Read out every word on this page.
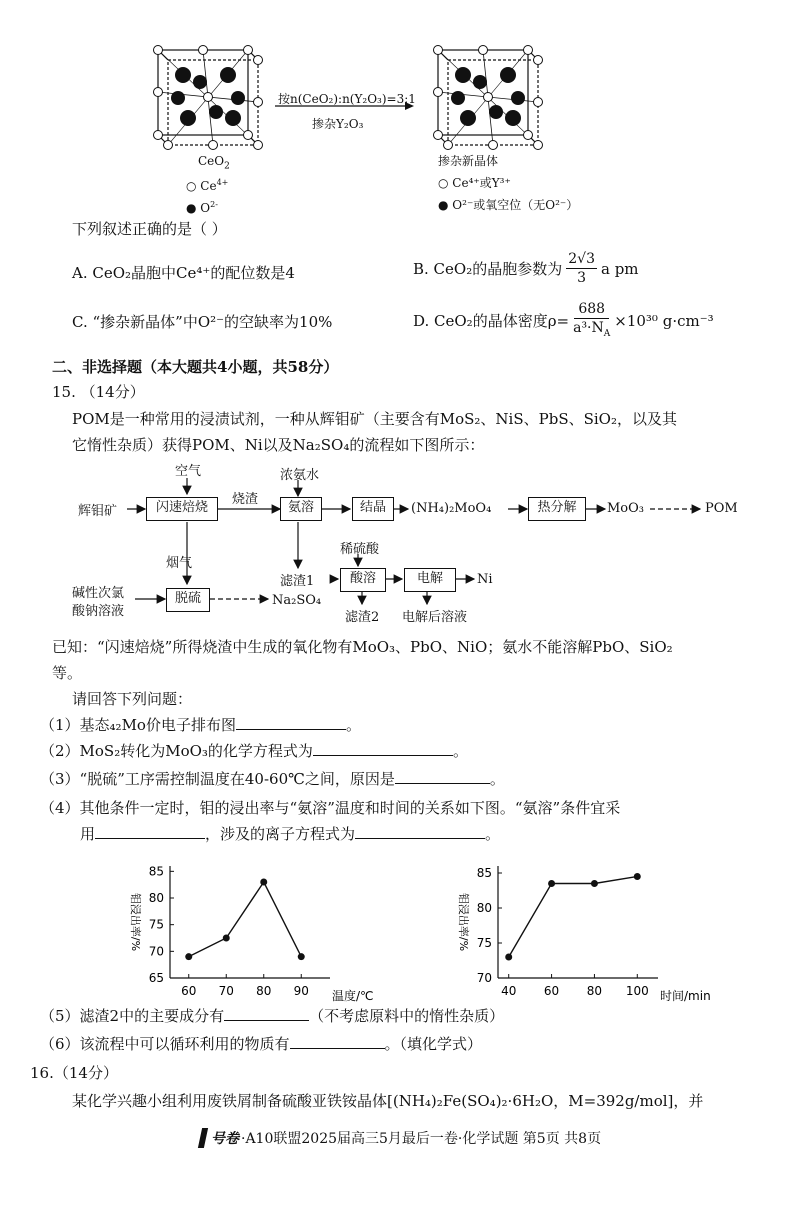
按n(CeO₂):n(Y₂O₃)=3:1
掺杂Y₂O₃
CeO$_2$
○ $Ce^{4+}$
● $O^{2-}$
掺杂新晶体
○ Ce⁴⁺或Y³⁺
● O²⁻或氧空位（无O²⁻）
下列叙述正确的是（ ）
A. CeO₂晶胞中Ce⁴⁺的配位数是4	B. CeO₂的晶胞参数为 $\frac{2√3}{3}$ a pm
C. “掺杂新晶体”中O²⁻的空缺率为10%	D. CeO₂的晶体密度$\rho= \frac{688}{a^3\cdot N_A} \times 10^{30}$ g·cm⁻³
二、非选择题（本大题共4小题，共58分）
15. （14分）
POM是一种常用的浸渍试剂，一种从辉钼矿（主要含有MoS₂、NiS、PbS、SiO₂，以及其
它惰性杂质）获得POM、Ni以及Na₂SO₄的流程如下图所示：
空气
辉钼矿	闪速焙烧
烧渣
浓氨水
氨溶	结晶	(NH₄)₂MoO₄	热分解	MoO₃	POM
烟气
碱性次氯
酸钠溶液
脱硫	Na₂SO₄
滤渣1
稀硫酸
酸溶	电解	Ni
滤渣2 电解后溶液
已知：“闪速焙烧”所得烧渣中生成的氧化物有MoO₃、PbO、NiO；氨水不能溶解PbO、SiO₂
等。
请回答下列问题：
（1）基态₄₂Mo价电子排布图	。
（2）MoS₂转化为MoO₃的化学方程式为	。
（3）“脱硫”工序需控制温度在40-60℃之间，原因是	。
（4）其他条件一定时，钼的浸出率与“氨溶”温度和时间的关系如下图。“氨溶”条件宜采
用	，涉及的离子方程式为	。
65
70
75
80
85
60 70 80 90 温度/℃
钼浸出率/%
70
75
80
85
40 60 80 100 时间/min
钼浸出率/%
（5）滤渣2中的主要成分有	（不考虑原料中的惰性杂质）
（6）该流程中可以循环利用的物质有	。（填化学式）
16.（14分）
某化学兴趣小组利用废铁屑制备硫酸亚铁铵晶体[(NH₄)₂Fe(SO₄)₂·6H₂O，M=392g/mol]，并
号卷 ·A10联盟2025届高三5月最后一卷·化学试题 第5页 共8页
